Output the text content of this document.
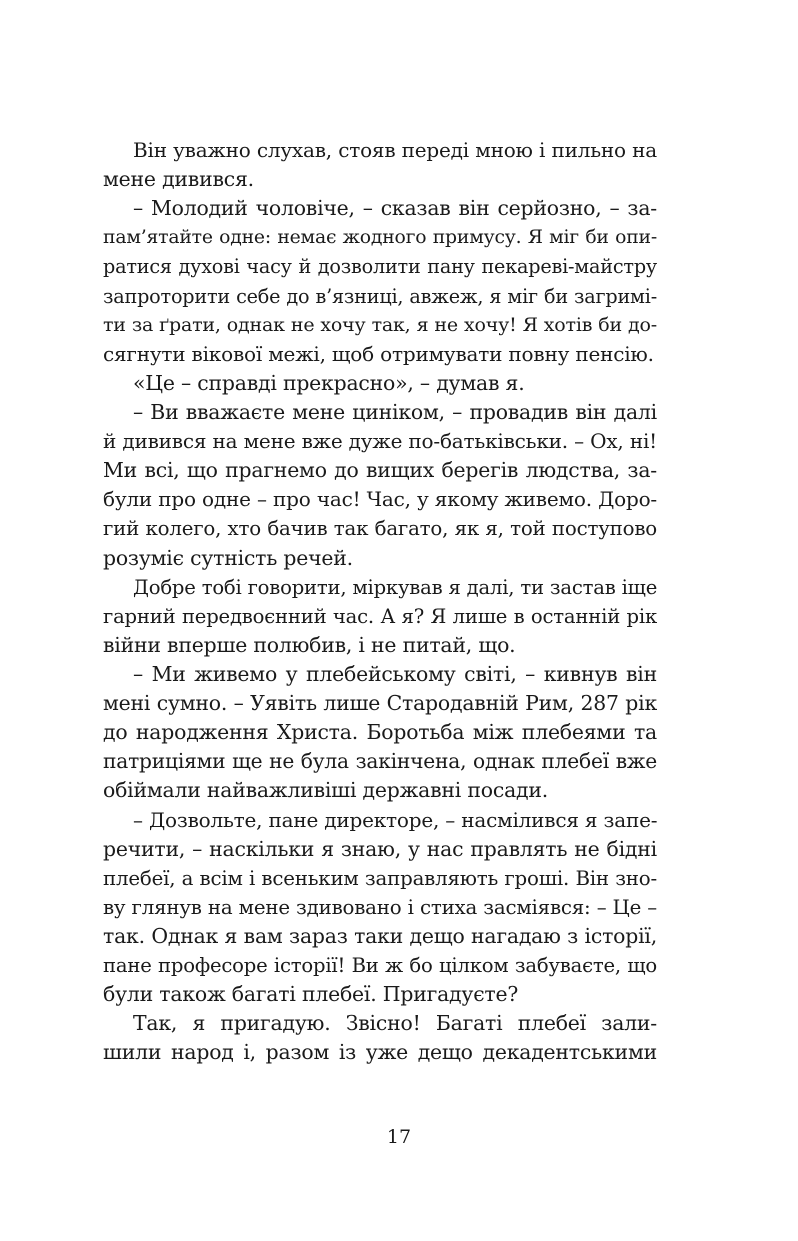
Він уважно слухав, стояв переді мною і пильно на
мене дивився.
– Молодий чоловіче, – сказав він серйозно, – за-
пам’ятайте одне: немає жодного примусу. Я міг би опи-
ратися духові часу й дозволити пану пекареві-майстру
запроторити себе до в’язниці, авжеж, я міг би загримі-
ти за ґрати, однак не хочу так, я не хочу! Я хотів би до-
сягнути вікової межі, щоб отримувати повну пенсію.
«Це – справді прекрасно», – думав я.
– Ви вважаєте мене циніком, – провадив він далі
й дивився на мене вже дуже по-батьківськи. – Ох, ні!
Ми всі, що прагнемо до вищих берегів людства, за-
були про одне – про час! Час, у якому живемо. Доро-
гий колего, хто бачив так багато, як я, той поступово
розуміє сутність речей.
Добре тобі говорити, міркував я далі, ти застав іще
гарний передвоєнний час. А я? Я лише в останній рік
війни вперше полюбив, і не питай, що.
– Ми живемо у плебейському світі, – кивнув він
мені сумно. – Уявіть лише Стародавній Рим, 287 рік
до народження Христа. Боротьба між плебеями та
патриціями ще не була закінчена, однак плебеї вже
обіймали найважливіші державні посади.
– Дозвольте, пане директоре, – насмілився я запе-
речити, – наскільки я знаю, у нас правлять не бідні
плебеї, а всім і всеньким заправляють гроші. Він зно-
ву глянув на мене здивовано і стиха засміявся: – Це –
так. Однак я вам зараз таки дещо нагадаю з історії,
пане професоре історії! Ви ж бо цілком забуваєте, що
були також багаті плебеї. Пригадуєте?
Так, я пригадую. Звісно! Багаті плебеї зали-
шили народ і, разом із уже дещо декадентськими
17
